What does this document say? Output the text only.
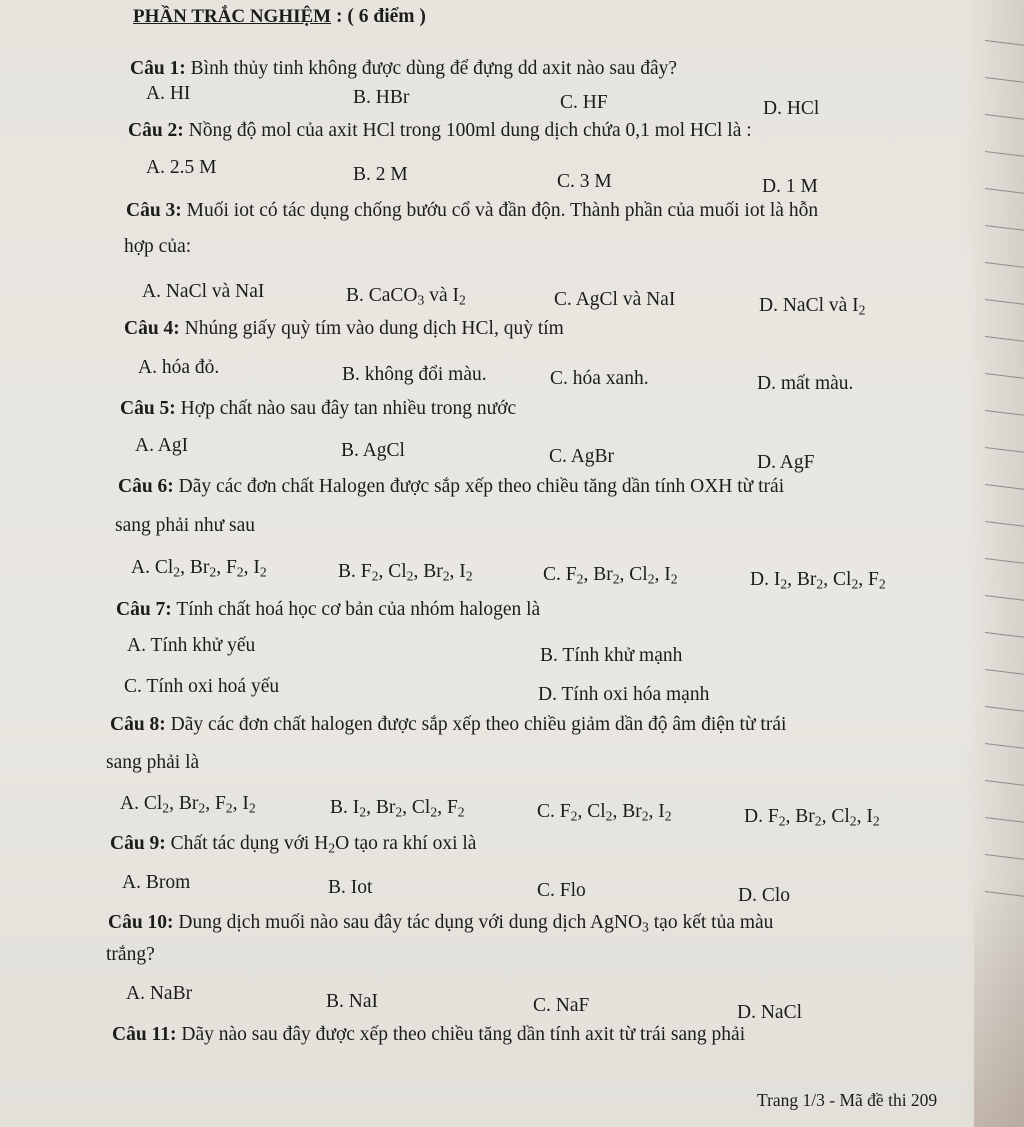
PHẦN TRẮC NGHIỆM : ( 6 điểm )
Câu 1: Bình thủy tinh không được dùng để đựng dd axit nào sau đây?
A. HI	B. HBr	C. HF	D. HCl
Câu 2: Nồng độ mol của axit HCl trong 100ml dung dịch chứa 0,1 mol HCl là :
A. 2.5 M	B. 2 M	C. 3 M	D. 1 M
Câu 3: Muối iot có tác dụng chống bướu cổ và đần độn. Thành phần của muối iot là hỗn
hợp của:
A. NaCl và NaI	B. CaCO$_3$ và $I_2$	C. AgCl và NaI	D. NaCl và $I_2$
Câu 4: Nhúng giấy quỳ tím vào dung dịch HCl, quỳ tím
A. hóa đỏ.	B. không đổi màu.	C. hóa xanh.	D. mất màu.
Câu 5: Hợp chất nào sau đây tan nhiều trong nước
A. AgI	B. AgCl	C. AgBr	D. AgF
Câu 6: Dãy các đơn chất Halogen được sắp xếp theo chiều tăng dần tính OXH từ trái
sang phải như sau
A. $Cl_2$, $Br_2$, $F_2$, $I_2$	B. $F_2$, $Cl_2$, $Br_2$, $I_2$	C. $F_2$, $Br_2$, $Cl_2$, $I_2$	D. $I_2$, $Br_2$, $Cl_2$, $F_2$
Câu 7: Tính chất hoá học cơ bản của nhóm halogen là
A. Tính khử yếu	B. Tính khử mạnh
C. Tính oxi hoá yếu	D. Tính oxi hóa mạnh
Câu 8: Dãy các đơn chất halogen được sắp xếp theo chiều giảm dần độ âm điện từ trái
sang phải là
A. $Cl_2$, $Br_2$, $F_2$, $I_2$	B. $I_2$, $Br_2$, $Cl_2$, $F_2$	C. $F_2$, $Cl_2$, $Br_2$, $I_2$	D. $F_2$, $Br_2$, $Cl_2$, $I_2$
Câu 9: Chất tác dụng với $H_2O$ tạo ra khí oxi là
A. Brom	B. Iot	C. Flo	D. Clo
Câu 10: Dung dịch muối nào sau đây tác dụng với dung dịch AgNO$_3$ tạo kết tủa màu
trắng?
A. NaBr	B. NaI	C. NaF	D. NaCl
Câu 11: Dãy nào sau đây được xếp theo chiều tăng dần tính axit từ trái sang phải
Trang 1/3 - Mã đề thi 209
